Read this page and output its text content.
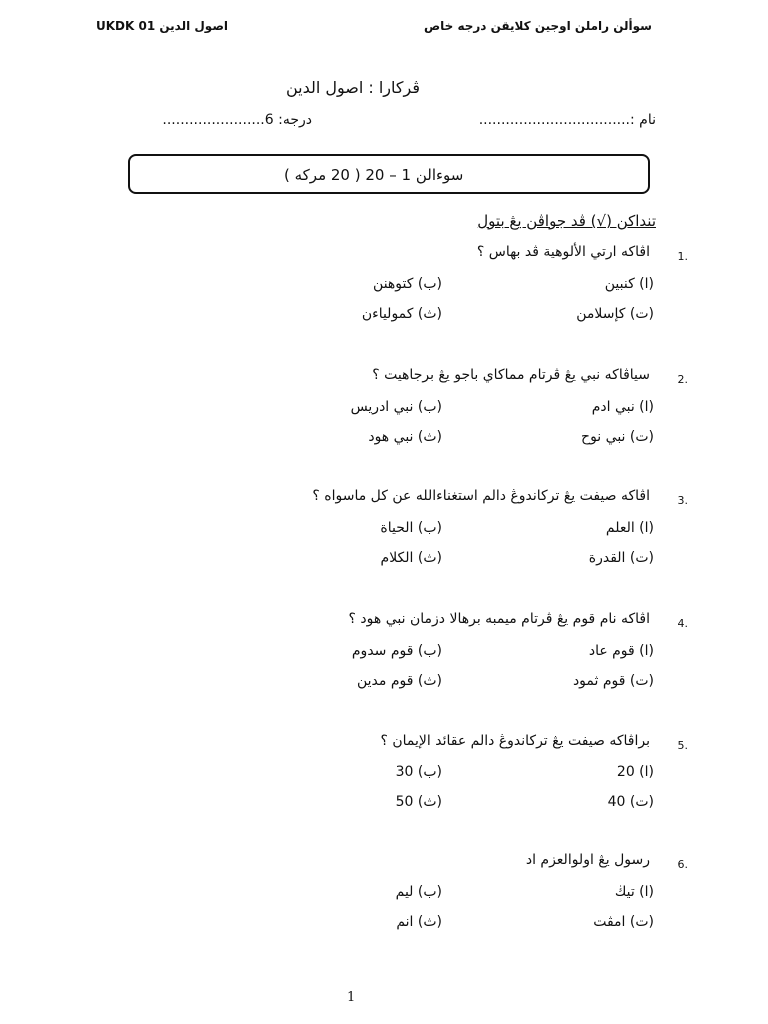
سوألن راملن اوجين كلايقن درجه خاص
اصول الدين UKDK 01
ڤركارا : اصول الدين
نام :..................................
درجه: 6.......................
سوءالن 1 – 20 ( 20 مركه )
تنداكن (√) ڤد جواڤن يڠ بتول
1.
اڤاكه ارتي الألوهية ڤد بهاس ؟
(ا) كنبين
(ب) كتوهنن
(ت) كإسلامن
(ث) كمولياءن
2.
سياڤاكه نبي يڠ ڤرتام مماكاي باجو يڠ برجاهيت ؟
(ا) نبي ادم
(ب) نبي ادريس
(ت) نبي نوح
(ث) نبي هود
3.
اڤاكه صيفت يڠ تركاندوڠ دالم استغناءالله عن كل ماسواه ؟
(ا) العلم
(ب) الحياة
(ت) القدرة
(ث) الكلام
4.
اڤاكه نام قوم يڠ ڤرتام ميمبه برهالا دزمان نبي هود ؟
(ا) قوم عاد
(ب) قوم سدوم
(ت) قوم ثمود
(ث) قوم مدين
5.
براڤاكه صيفت يڠ تركاندوڠ دالم عقائد الإيمان ؟
(ا) 20
(ب) 30
(ت) 40
(ث) 50
6.
رسول يڠ اولوالعزم اد
(ا) تيڬ
(ب) ليم
(ت) امڤت
(ث) انم
1
